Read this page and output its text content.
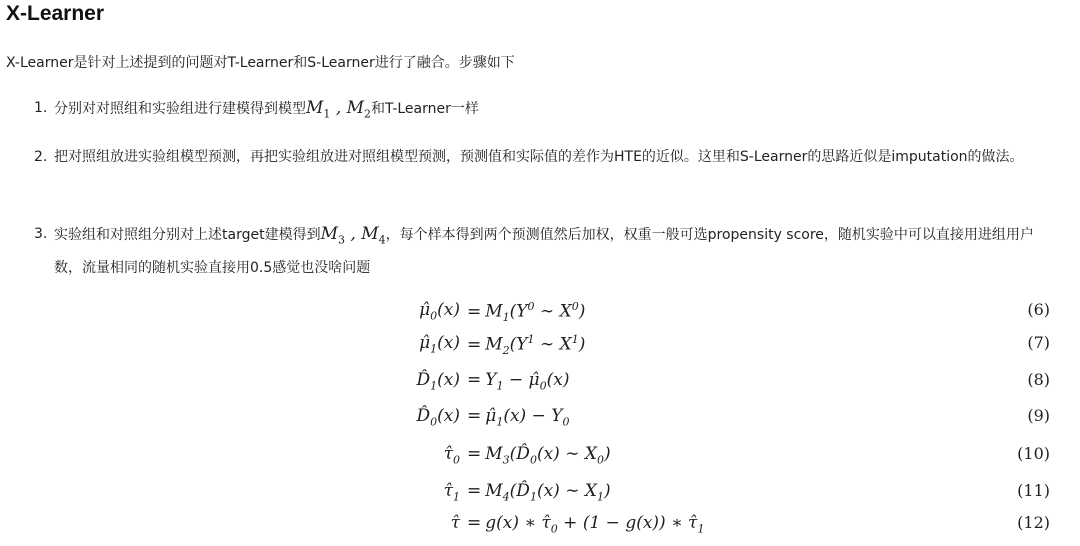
X-Learner
X-Learner是针对上述提到的问题对T-Learner和S-Learner进行了融合。步骤如下
1. 分别对对照组和实验组进行建模得到模型$M_1$ , $M_2$和T-Learner一样
2. 把对照组放进实验组模型预测，再把实验组放进对照组模型预测，预测值和实际值的差作为HTE的近似。这里和S-Learner的思路近似是imputation的做法。
3. 实验组和对照组分别对上述target建模得到$M_3$ , $M_4$，每个样本得到两个预测值然后加权，权重一般可选propensity score，随机实验中可以直接用进组用户数，流量相同的随机实验直接用0.5感觉也没啥问题
$\mû_0(x) = M_1(Y^0$ ∼ $X^0$)	(6)
$\mû_1(x) = M_2(Y^1$ ∼ $X^1$)	(7)
$D̂_1(x) = Y_1$ − $\mû_0(x)$	(8)
$D̂_0(x)$ = $\mû_1(x) - Y_0$	(9)
$\taû_0$ = $M_3(D̂_0(x)$ ∼ $X_0$)	(10)
$\taû_1$ = $M_4(D̂_1(x)$ ∼ $X_1$)	(11)
τ̂ = g(x) ∗ $\taû_0 + (1 - g(x))$ ∗ $\taû_1$	(12)
